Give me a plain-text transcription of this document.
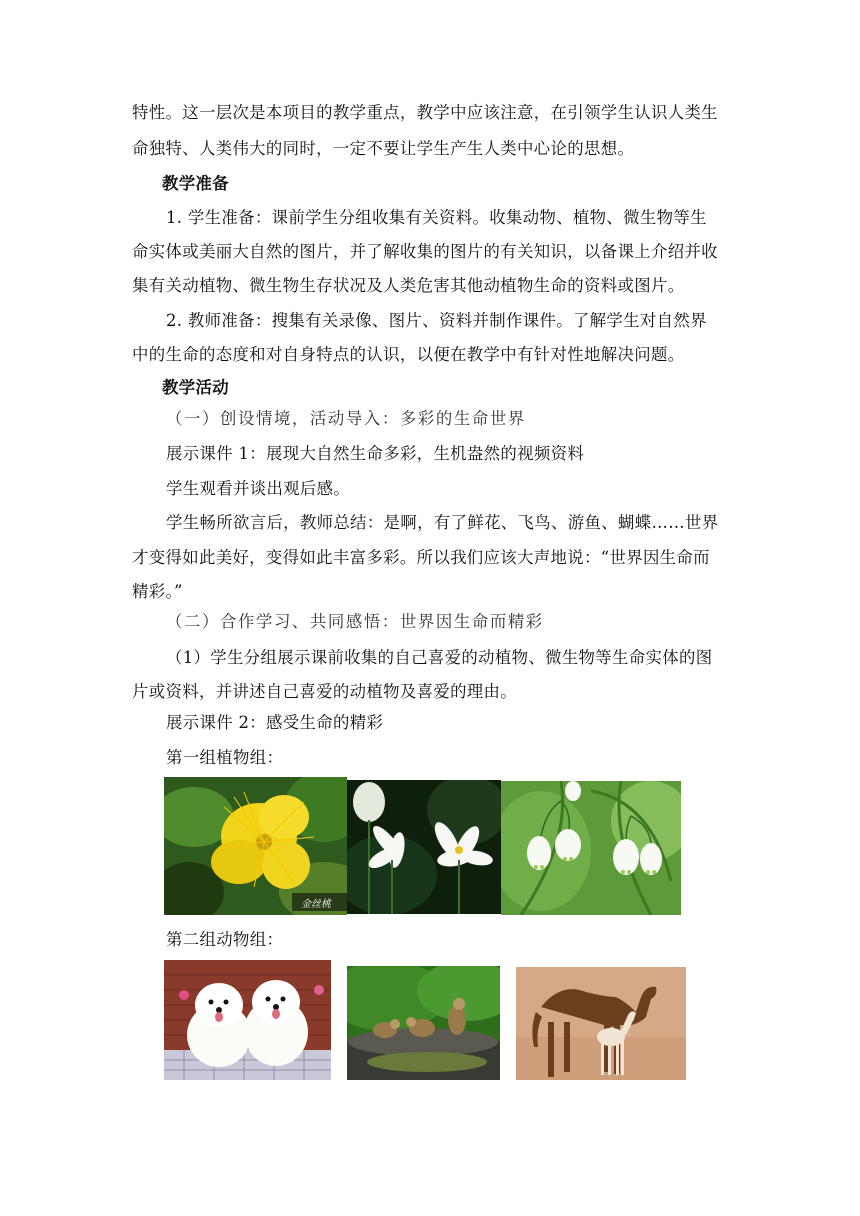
特性。这一层次是本项目的教学重点，教学中应该注意，在引领学生认识人类生
命独特、人类伟大的同时，一定不要让学生产生人类中心论的思想。
教学准备
1. 学生准备：课前学生分组收集有关资料。收集动物、植物、微生物等生
命实体或美丽大自然的图片，并了解收集的图片的有关知识，以备课上介绍并收
集有关动植物、微生物生存状况及人类危害其他动植物生命的资料或图片。
2. 教师准备：搜集有关录像、图片、资料并制作课件。了解学生对自然界
中的生命的态度和对自身特点的认识，以便在教学中有针对性地解决问题。
教学活动
（一）创设情境，活动导入：多彩的生命世界
展示课件 1：展现大自然生命多彩，生机盎然的视频资料
学生观看并谈出观后感。
学生畅所欲言后，教师总结：是啊，有了鲜花、飞鸟、游鱼、蝴蝶……世界
才变得如此美好，变得如此丰富多彩。所以我们应该大声地说：“世界因生命而
精彩。”
（二）合作学习、共同感悟：世界因生命而精彩
（1）学生分组展示课前收集的自己喜爱的动植物、微生物等生命实体的图
片或资料，并讲述自己喜爱的动植物及喜爱的理由。
展示课件 2：感受生命的精彩
第一组植物组：
第二组动物组：
金丝桃
